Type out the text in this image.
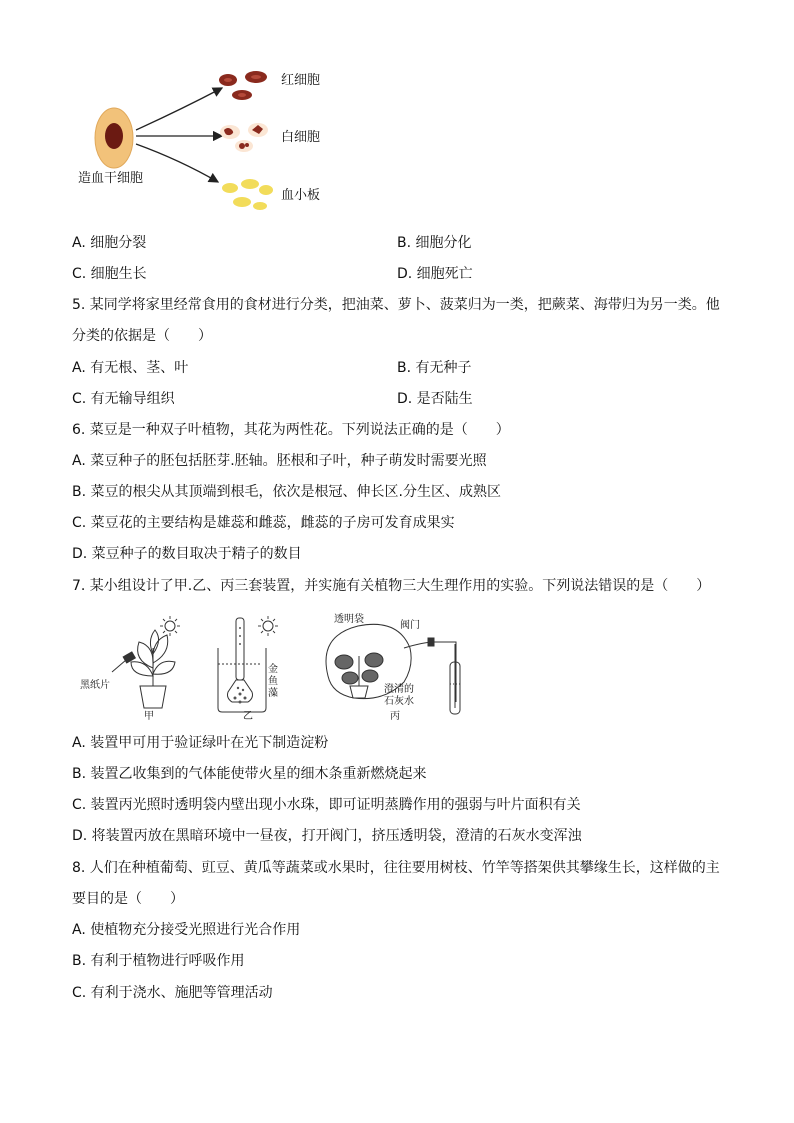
红细胞
白细胞
血小板
造血干细胞
A. 细胞分裂	B. 细胞分化
C. 细胞生长	D. 细胞死亡
5. 某同学将家里经常食用的食材进行分类，把油菜、萝卜、菠菜归为一类，把蕨菜、海带归为另一类。他
分类的依据是（　　）
A. 有无根、茎、叶	B. 有无种子
C. 有无输导组织	D. 是否陆生
6. 菜豆是一种双子叶植物，其花为两性花。下列说法正确的是（　　）
A. 菜豆种子的胚包括胚芽.胚轴。胚根和子叶，种子萌发时需要光照
B. 菜豆的根尖从其顶端到根毛，依次是根冠、伸长区.分生区、成熟区
C. 菜豆花的主要结构是雄蕊和雌蕊，雌蕊的子房可发育成果实
D. 菜豆种子的数目取决于精子的数目
7. 某小组设计了甲.乙、丙三套装置，并实施有关植物三大生理作用的实验。下列说法错误的是（　　）
黑纸片
甲	乙
金
鱼
藻
透明袋
阀门
澄清的
石灰水
丙
A. 装置甲可用于验证绿叶在光下制造淀粉
B. 装置乙收集到的气体能使带火星的细木条重新燃烧起来
C. 装置丙光照时透明袋内壁出现小水珠，即可证明蒸腾作用的强弱与叶片面积有关
D. 将装置丙放在黑暗环境中一昼夜，打开阀门，挤压透明袋，澄清的石灰水变浑浊
8. 人们在种植葡萄、豇豆、黄瓜等蔬菜或水果时，往往要用树枝、竹竿等搭架供其攀缘生长，这样做的主
要目的是（　　）
A. 使植物充分接受光照进行光合作用
B. 有利于植物进行呼吸作用
C. 有利于浇水、施肥等管理活动
